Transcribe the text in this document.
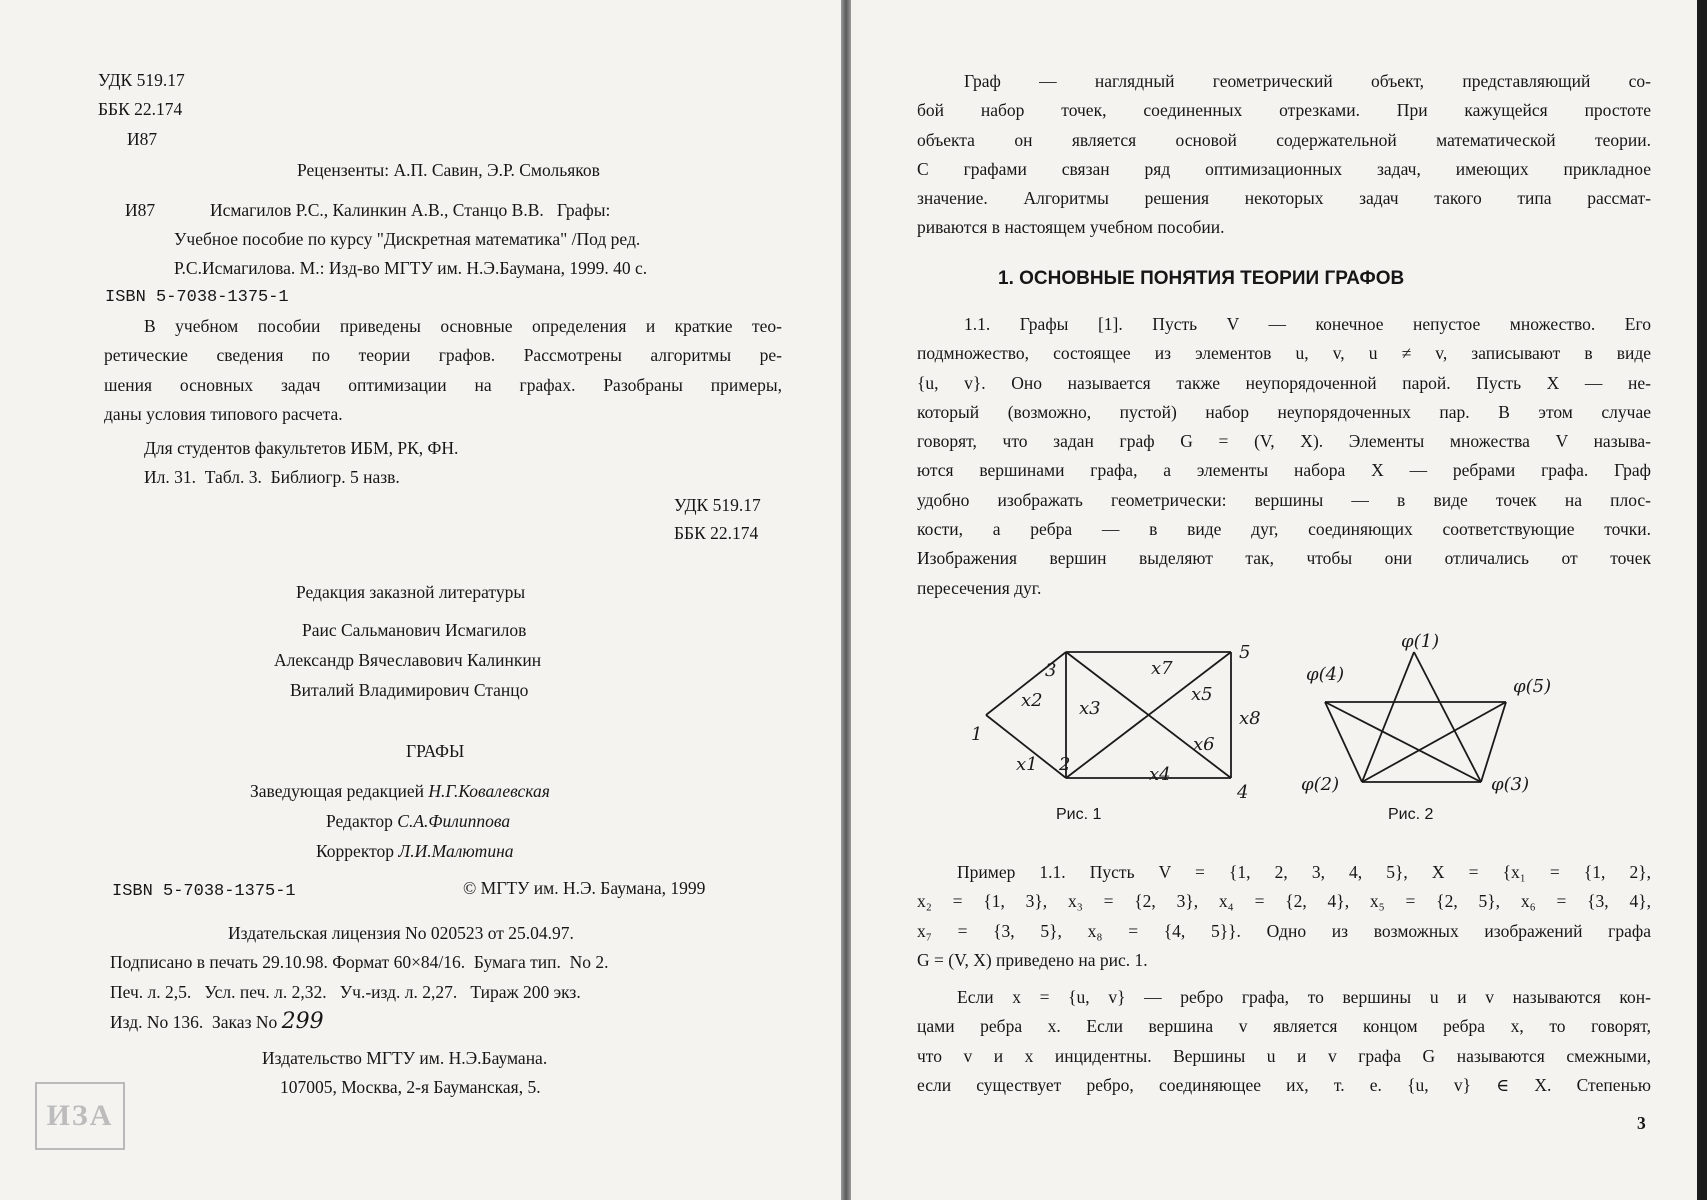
УДК 519.17
ББК 22.174
И87
Рецензенты: А.П. Савин, Э.Р. Смольяков
И87	Исмагилов Р.С., Калинкин А.В., Станцо В.В.   Графы:
Учебное пособие по курсу "Дискретная математика" /Под ред.
Р.С.Исмагилова. М.: Изд-во МГТУ им. Н.Э.Баумана, 1999. 40 с.
ISBN 5-7038-1375-1
В учебном пособии приведены основные определения и краткие тео-
ретические сведения по теории графов. Рассмотрены алгоритмы ре-
шения основных задач оптимизации на графах. Разобраны примеры,
даны условия типового расчета.
Для студентов факультетов ИБМ, РК, ФН.
Ил. 31.  Табл. 3.  Библиогр. 5 назв.
УДК 519.17
ББК 22.174
Редакция заказной литературы
Раис Сальманович Исмагилов
Александр Вячеславович Калинкин
Виталий Владимирович Станцо
ГРАФЫ
Заведующая редакцией Н.Г.Ковалевская
Редактор С.А.Филиппова
Корректор Л.И.Малютина
ISBN 5-7038-1375-1	© МГТУ им. Н.Э. Баумана, 1999
Издательская лицензия No 020523 от 25.04.97.
Подписано в печать 29.10.98. Формат 60×84/16.  Бумага тип.  No 2.
Печ. л. 2,5.   Усл. печ. л. 2,32.   Уч.-изд. л. 2,27.   Тираж 200 экз.
Изд. No 136.  Заказ No 299
Издательство МГТУ им. Н.Э.Баумана.
107005, Москва, 2-я Бауманская, 5.
ИЗА
Граф — наглядный геометрический объект, представляющий со-
бой набор точек, соединенных отрезками. При кажущейся простоте
объекта он является основой содержательной математической теории.
С графами связан ряд оптимизационных задач, имеющих прикладное
значение. Алгоритмы решения некоторых задач такого типа рассмат-
риваются в настоящем учебном пособии.
1. ОСНОВНЫЕ ПОНЯТИЯ ТЕОРИИ ГРАФОВ
1.1. Графы [1]. Пусть V — конечное непустое множество. Его
подмножество, состоящее из элементов u, v, u ≠ v, записывают в виде
{u, v}. Оно называется также неупорядоченной парой. Пусть X — не-
который (возможно, пустой) набор неупорядоченных пар. В этом случае
говорят, что задан граф G = (V, X). Элементы множества V называ-
ются вершинами графа, а элементы набора X — ребрами графа. Граф
удобно изображать геометрически: вершины — в виде точек на плос-
кости, а ребра — в виде дуг, соединяющих соответствующие точки.
Изображения вершин выделяют так, чтобы они отличались от точек
пересечения дуг.
1
2
3
4
5
x1
x2 x3
x4
x5
x6
x7
x8
Рис. 1
φ(1)
φ(2)	φ(3)
φ(4)
φ(5)
Рис. 2
Пример 1.1. Пусть V = {1, 2, 3, 4, 5}, X = {x₁ = {1, 2},
x₂ = {1, 3}, x₃ = {2, 3}, x₄ = {2, 4}, x₅ = {2, 5}, x₆ = {3, 4},
x₇ = {3, 5}, x₈ = {4, 5}}. Одно из возможных изображений графа
G = (V, X) приведено на рис. 1.
Если x = {u, v} — ребро графа, то вершины u и v называются кон-
цами ребра x. Если вершина v является концом ребра x, то говорят,
что v и x инцидентны. Вершины u и v графа G называются смежными,
если существует ребро, соединяющее их, т. е. {u, v} ∈ X. Степенью
3
